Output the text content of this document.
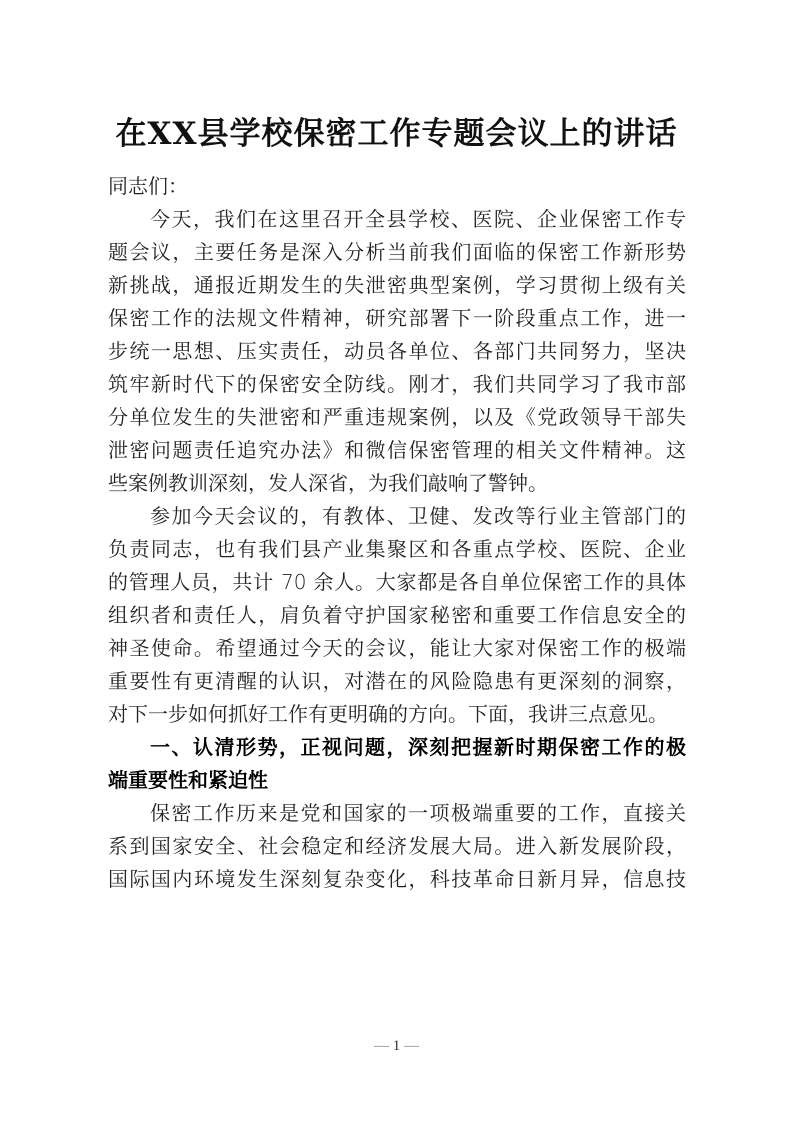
在XX县学校保密工作专题会议上的讲话
同志们：
今天，我们在这里召开全县学校、医院、企业保密工作专
题会议，主要任务是深入分析当前我们面临的保密工作新形势
新挑战，通报近期发生的失泄密典型案例，学习贯彻上级有关
保密工作的法规文件精神，研究部署下一阶段重点工作，进一
步统一思想、压实责任，动员各单位、各部门共同努力，坚决
筑牢新时代下的保密安全防线。刚才，我们共同学习了我市部
分单位发生的失泄密和严重违规案例，以及《党政领导干部失
泄密问题责任追究办法》和微信保密管理的相关文件精神。这
些案例教训深刻，发人深省，为我们敲响了警钟。
参加今天会议的，有教体、卫健、发改等行业主管部门的
负责同志，也有我们县产业集聚区和各重点学校、医院、企业
的管理人员，共计 70 余人。大家都是各自单位保密工作的具体
组织者和责任人，肩负着守护国家秘密和重要工作信息安全的
神圣使命。希望通过今天的会议，能让大家对保密工作的极端
重要性有更清醒的认识，对潜在的风险隐患有更深刻的洞察，
对下一步如何抓好工作有更明确的方向。下面，我讲三点意见。
一、认清形势，正视问题，深刻把握新时期保密工作的极
端重要性和紧迫性
保密工作历来是党和国家的一项极端重要的工作，直接关
系到国家安全、社会稳定和经济发展大局。进入新发展阶段，
国际国内环境发生深刻复杂变化，科技革命日新月异，信息技
— 1 —
